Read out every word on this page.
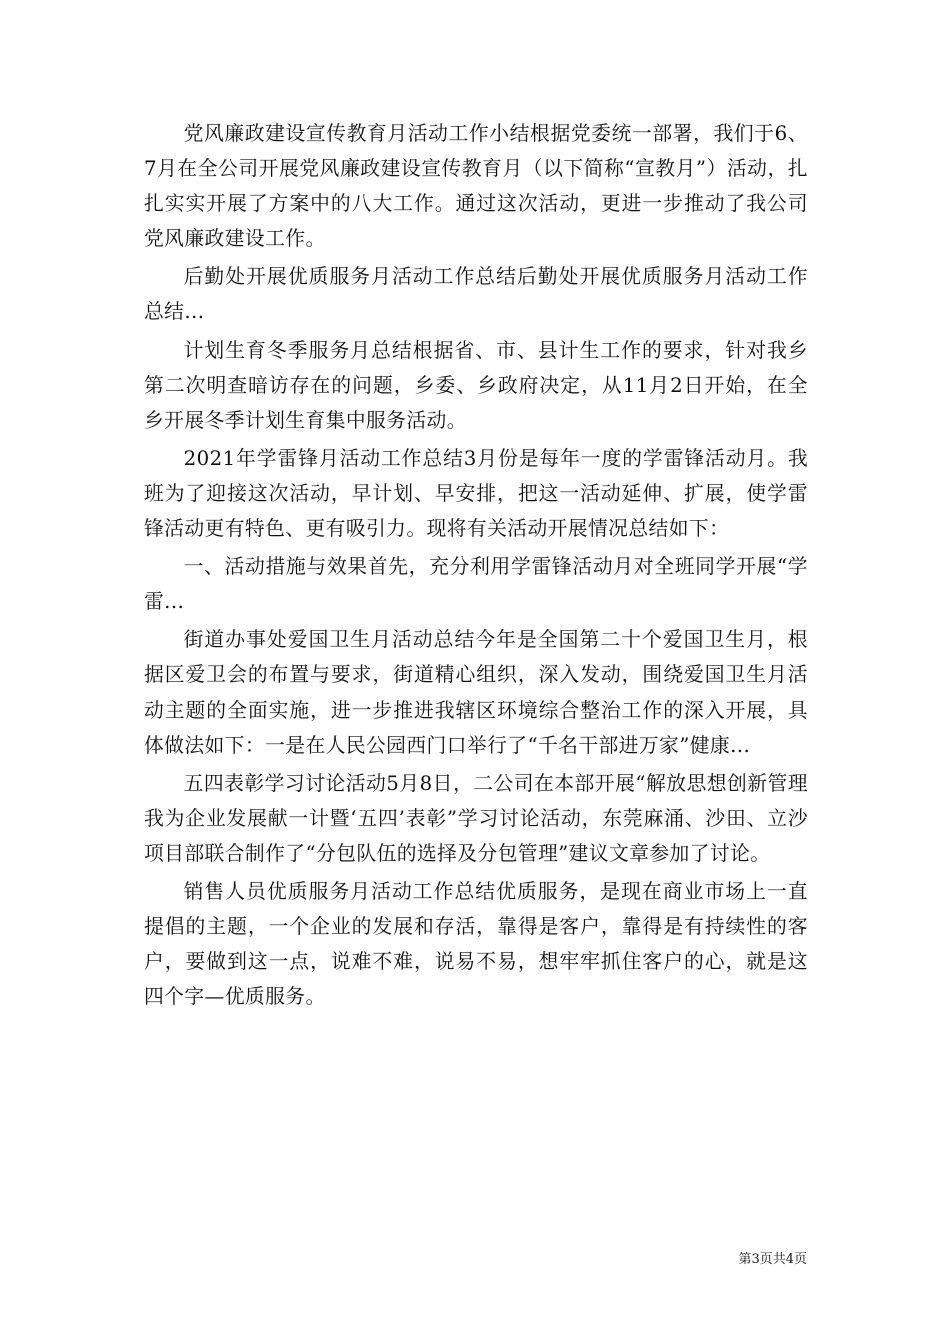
党风廉政建设宣传教育月活动工作小结根据党委统一部署，我们于6、7月在全公司开展党风廉政建设宣传教育月（以下简称“宣教月”）活动，扎扎实实开展了方案中的八大工作。通过这次活动，更进一步推动了我公司党风廉政建设工作。

后勤处开展优质服务月活动工作总结后勤处开展优质服务月活动工作总结...

计划生育冬季服务月总结根据省、市、县计生工作的要求，针对我乡第二次明查暗访存在的问题，乡委、乡政府决定，从11月2日开始，在全乡开展冬季计划生育集中服务活动。

2021年学雷锋月活动工作总结3月份是每年一度的学雷锋活动月。我班为了迎接这次活动，早计划、早安排，把这一活动延伸、扩展，使学雷锋活动更有特色、更有吸引力。现将有关活动开展情况总结如下：

一、活动措施与效果首先，充分利用学雷锋活动月对全班同学开展“学雷...

街道办事处爱国卫生月活动总结今年是全国第二十个爱国卫生月，根据区爱卫会的布置与要求，街道精心组织，深入发动，围绕爱国卫生月活动主题的全面实施，进一步推进我辖区环境综合整治工作的深入开展，具体做法如下：一是在人民公园西门口举行了“千名干部进万家”健康...

五四表彰学习讨论活动5月8日，二公司在本部开展“解放思想创新管理我为企业发展献一计暨‘五四’表彰”学习讨论活动，东莞麻涌、沙田、立沙项目部联合制作了“分包队伍的选择及分包管理”建议文章参加了讨论。

销售人员优质服务月活动工作总结优质服务，是现在商业市场上一直提倡的主题，一个企业的发展和存活，靠得是客户，靠得是有持续性的客户，要做到这一点，说难不难，说易不易，想牢牢抓住客户的心，就是这四个字—优质服务。

第3页共4页
